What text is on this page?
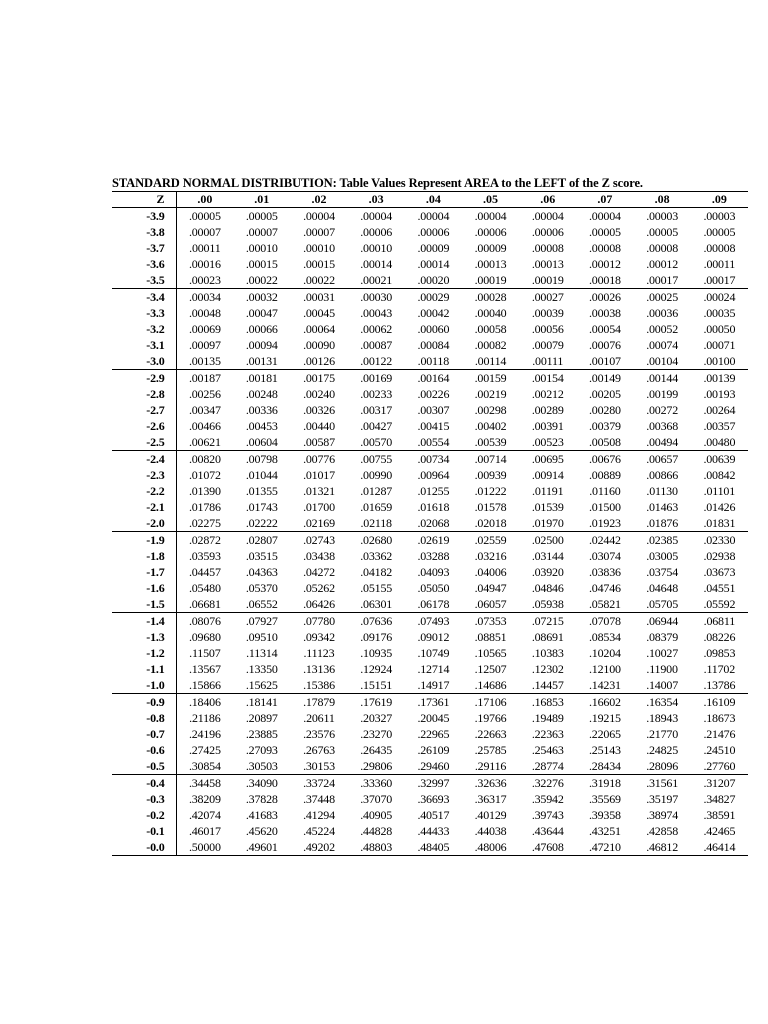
STANDARD NORMAL DISTRIBUTION: Table Values Represent AREA to the LEFT of the Z score.
Z	.00	.01	.02	.03	.04	.05	.06	.07	.08	.09
-3.9	.00005	.00005	.00004	.00004	.00004	.00004	.00004	.00004	.00003	.00003
-3.8	.00007	.00007	.00007	.00006	.00006	.00006	.00006	.00005	.00005	.00005
-3.7	.00011	.00010	.00010	.00010	.00009	.00009	.00008	.00008	.00008	.00008
-3.6	.00016	.00015	.00015	.00014	.00014	.00013	.00013	.00012	.00012	.00011
-3.5	.00023	.00022	.00022	.00021	.00020	.00019	.00019	.00018	.00017	.00017
-3.4	.00034	.00032	.00031	.00030	.00029	.00028	.00027	.00026	.00025	.00024
-3.3	.00048	.00047	.00045	.00043	.00042	.00040	.00039	.00038	.00036	.00035
-3.2	.00069	.00066	.00064	.00062	.00060	.00058	.00056	.00054	.00052	.00050
-3.1	.00097	.00094	.00090	.00087	.00084	.00082	.00079	.00076	.00074	.00071
-3.0	.00135	.00131	.00126	.00122	.00118	.00114	.00111	.00107	.00104	.00100
-2.9	.00187	.00181	.00175	.00169	.00164	.00159	.00154	.00149	.00144	.00139
-2.8	.00256	.00248	.00240	.00233	.00226	.00219	.00212	.00205	.00199	.00193
-2.7	.00347	.00336	.00326	.00317	.00307	.00298	.00289	.00280	.00272	.00264
-2.6	.00466	.00453	.00440	.00427	.00415	.00402	.00391	.00379	.00368	.00357
-2.5	.00621	.00604	.00587	.00570	.00554	.00539	.00523	.00508	.00494	.00480
-2.4	.00820	.00798	.00776	.00755	.00734	.00714	.00695	.00676	.00657	.00639
-2.3	.01072	.01044	.01017	.00990	.00964	.00939	.00914	.00889	.00866	.00842
-2.2	.01390	.01355	.01321	.01287	.01255	.01222	.01191	.01160	.01130	.01101
-2.1	.01786	.01743	.01700	.01659	.01618	.01578	.01539	.01500	.01463	.01426
-2.0	.02275	.02222	.02169	.02118	.02068	.02018	.01970	.01923	.01876	.01831
-1.9	.02872	.02807	.02743	.02680	.02619	.02559	.02500	.02442	.02385	.02330
-1.8	.03593	.03515	.03438	.03362	.03288	.03216	.03144	.03074	.03005	.02938
-1.7	.04457	.04363	.04272	.04182	.04093	.04006	.03920	.03836	.03754	.03673
-1.6	.05480	.05370	.05262	.05155	.05050	.04947	.04846	.04746	.04648	.04551
-1.5	.06681	.06552	.06426	.06301	.06178	.06057	.05938	.05821	.05705	.05592
-1.4	.08076	.07927	.07780	.07636	.07493	.07353	.07215	.07078	.06944	.06811
-1.3	.09680	.09510	.09342	.09176	.09012	.08851	.08691	.08534	.08379	.08226
-1.2	.11507	.11314	.11123	.10935	.10749	.10565	.10383	.10204	.10027	.09853
-1.1	.13567	.13350	.13136	.12924	.12714	.12507	.12302	.12100	.11900	.11702
-1.0	.15866	.15625	.15386	.15151	.14917	.14686	.14457	.14231	.14007	.13786
-0.9	.18406	.18141	.17879	.17619	.17361	.17106	.16853	.16602	.16354	.16109
-0.8	.21186	.20897	.20611	.20327	.20045	.19766	.19489	.19215	.18943	.18673
-0.7	.24196	.23885	.23576	.23270	.22965	.22663	.22363	.22065	.21770	.21476
-0.6	.27425	.27093	.26763	.26435	.26109	.25785	.25463	.25143	.24825	.24510
-0.5	.30854	.30503	.30153	.29806	.29460	.29116	.28774	.28434	.28096	.27760
-0.4	.34458	.34090	.33724	.33360	.32997	.32636	.32276	.31918	.31561	.31207
-0.3	.38209	.37828	.37448	.37070	.36693	.36317	.35942	.35569	.35197	.34827
-0.2	.42074	.41683	.41294	.40905	.40517	.40129	.39743	.39358	.38974	.38591
-0.1	.46017	.45620	.45224	.44828	.44433	.44038	.43644	.43251	.42858	.42465
-0.0	.50000	.49601	.49202	.48803	.48405	.48006	.47608	.47210	.46812	.46414
